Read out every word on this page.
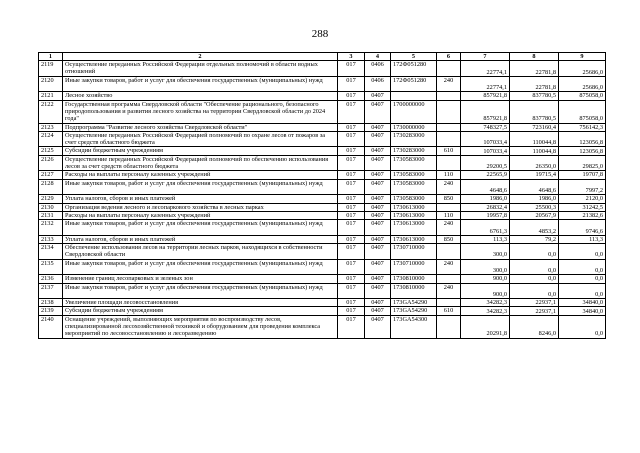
288
1	2	3	4	5	6	7	8	9
2119	Осуществление переданных Российской Федерации отдельных полномочий в области водных отношений	017	0406	172Ф051280		22774,1	22781,8	25686,0
2120	Иные закупки товаров, работ и услуг для обеспечения государственных (муниципальных) нужд	017	0406	172Ф051280	240	22774,1	22781,8	25686,0
2121	Лесное хозяйство	017	0407			857921,8	837780,5	875058,0
2122	Государственная программа Свердловской области "Обеспечение рационального, безопасного природопользования и развития лесного хозяйства на территории Свердловской области до 2024 года"	017	0407	1700000000		857921,8	837780,5	875058,0
2123	Подпрограмма "Развитие лесного хозяйства Свердловской области"	017	0407	1730000000		748327,5	723160,4	756142,3
2124	Осуществление переданных Российской Федерацией полномочий по охране лесов от пожаров за счет средств областного бюджета	017	0407	1730283000		107033,4	110044,8	123056,8
2125	Субсидии бюджетным учреждениям	017	0407	1730283000	610	107033,4	110044,8	123056,8
2126	Осуществление переданных Российской Федерацией полномочий по обеспечению использования лесов за счет средств областного бюджета	017	0407	1730583000		29200,5	26350,0	29825,0
2127	Расходы на выплаты персоналу казенных учреждений	017	0407	1730583000	110	22565,9	19715,4	19707,8
2128	Иные закупки товаров, работ и услуг для обеспечения государственных (муниципальных) нужд	017	0407	1730583000	240	4648,6	4648,6	7997,2
2129	Уплата налогов, сборов и иных платежей	017	0407	1730583000	850	1986,0	1986,0	2120,0
2130	Организация ведения лесного и лесопаркового хозяйства в лесных парках	017	0407	1730613000		26832,4	25500,3	31242,5
2131	Расходы на выплаты персоналу казенных учреждений	017	0407	1730613000	110	19957,8	20567,9	21382,6
2132	Иные закупки товаров, работ и услуг для обеспечения государственных (муниципальных) нужд	017	0407	1730613000	240	6761,3	4853,2	9746,6
2133	Уплата налогов, сборов и иных платежей	017	0407	1730613000	850	113,3	79,2	113,3
2134	Обеспечение использования лесов на территории лесных парков, находящихся в собственности Свердловской области	017	0407	1730710000		300,0	0,0	0,0
2135	Иные закупки товаров, работ и услуг для обеспечения государственных (муниципальных) нужд	017	0407	1730710000	240	300,0	0,0	0,0
2136	Изменение границ лесопарковых и зеленых зон	017	0407	1730810000		900,0	0,0	0,0
2137	Иные закупки товаров, работ и услуг для обеспечения государственных (муниципальных) нужд	017	0407	1730810000	240	900,0	0,0	0,0
2138	Увеличение площади лесовосстановления	017	0407	173GA54290		34282,3	22937,1	34840,0
2139	Субсидии бюджетным учреждениям	017	0407	173GA54290	610	34282,3	22937,1	34840,0
2140	Оснащение учреждений, выполняющих мероприятия по воспроизводству лесов, специализированной лесохозяйственной техникой и оборудованием для проведения комплекса мероприятий по лесовосстановлению и лесоразведению	017	0407	173GA54300		20291,8	8246,0	0,0
